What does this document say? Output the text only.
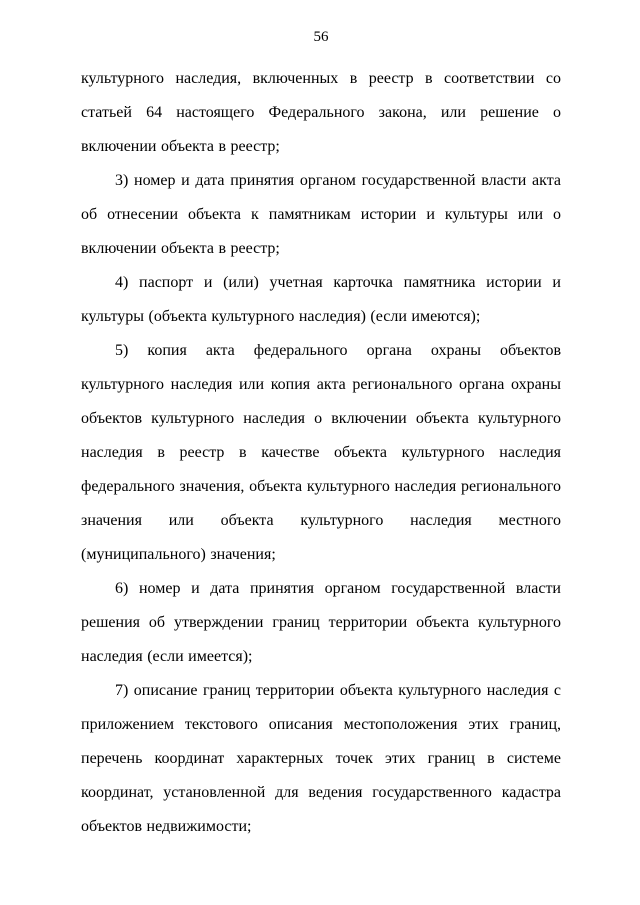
56

культурного наследия, включенных в реестр в соответствии со статьей 64 настоящего Федерального закона, или решение о включении объекта в реестр;

3) номер и дата принятия органом государственной власти акта об отнесении объекта к памятникам истории и культуры или о включении объекта в реестр;

4) паспорт и (или) учетная карточка памятника истории и культуры (объекта культурного наследия) (если имеются);

5) копия акта федерального органа охраны объектов культурного наследия или копия акта регионального органа охраны объектов культурного наследия о включении объекта культурного наследия в реестр в качестве объекта культурного наследия федерального значения, объекта культурного наследия регионального значения или объекта культурного наследия местного (муниципального) значения;

6) номер и дата принятия органом государственной власти решения об утверждении границ территории объекта культурного наследия (если имеется);

7) описание границ территории объекта культурного наследия с приложением текстового описания местоположения этих границ, перечень координат характерных точек этих границ в системе координат, установленной для ведения государственного кадастра объектов недвижимости;
